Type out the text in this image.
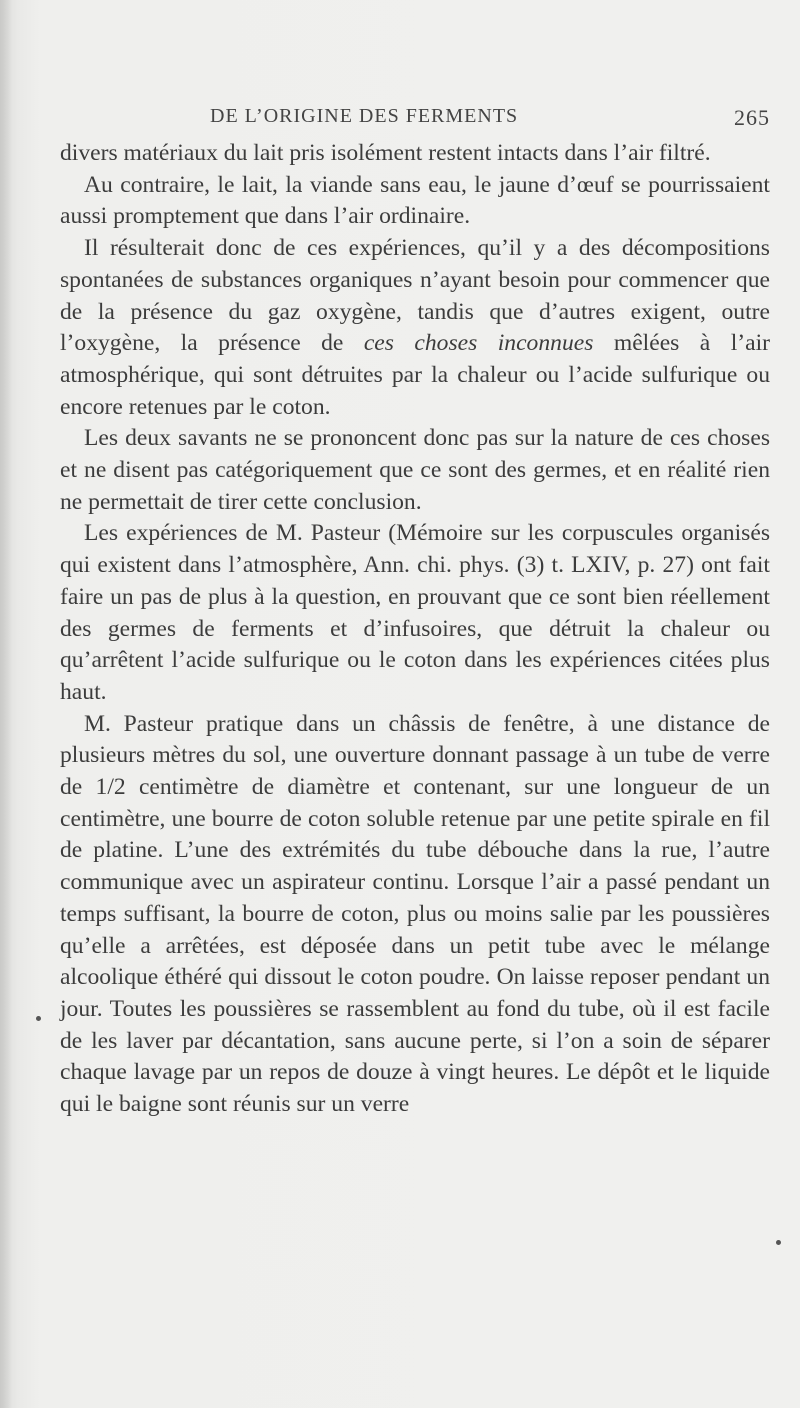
DE L’ORIGINE DES FERMENTS	265

divers matériaux du lait pris isolément restent intacts dans l’air filtré.

Au contraire, le lait, la viande sans eau, le jaune d’œuf se pourrissaient aussi promptement que dans l’air ordinaire.

Il résulterait donc de ces expériences, qu’il y a des décompositions spontanées de substances organiques n’ayant besoin pour commencer que de la présence du gaz oxygène, tandis que d’autres exigent, outre l’oxygène, la présence de ces choses inconnues mêlées à l’air atmosphérique, qui sont détruites par la chaleur ou l’acide sulfurique ou encore retenues par le coton.

Les deux savants ne se prononcent donc pas sur la nature de ces choses et ne disent pas catégoriquement que ce sont des germes, et en réalité rien ne permettait de tirer cette conclusion.

Les expériences de M. Pasteur (Mémoire sur les corpuscules organisés qui existent dans l’atmosphère, Ann. chi. phys. (3) t. LXIV, p. 27) ont fait faire un pas de plus à la question, en prouvant que ce sont bien réellement des germes de ferments et d’infusoires, que détruit la chaleur ou qu’arrêtent l’acide sulfurique ou le coton dans les expériences citées plus haut.

M. Pasteur pratique dans un châssis de fenêtre, à une distance de plusieurs mètres du sol, une ouverture donnant passage à un tube de verre de 1/2 centimètre de diamètre et contenant, sur une longueur de un centimètre, une bourre de coton soluble retenue par une petite spirale en fil de platine. L’une des extrémités du tube débouche dans la rue, l’autre communique avec un aspirateur continu. Lorsque l’air a passé pendant un temps suffisant, la bourre de coton, plus ou moins salie par les poussières qu’elle a arrêtées, est déposée dans un petit tube avec le mélange alcoolique éthéré qui dissout le coton poudre. On laisse reposer pendant un jour. Toutes les poussières se rassemblent au fond du tube, où il est facile de les laver par décantation, sans aucune perte, si l’on a soin de séparer chaque lavage par un repos de douze à vingt heures. Le dépôt et le liquide qui le baigne sont réunis sur un verre
